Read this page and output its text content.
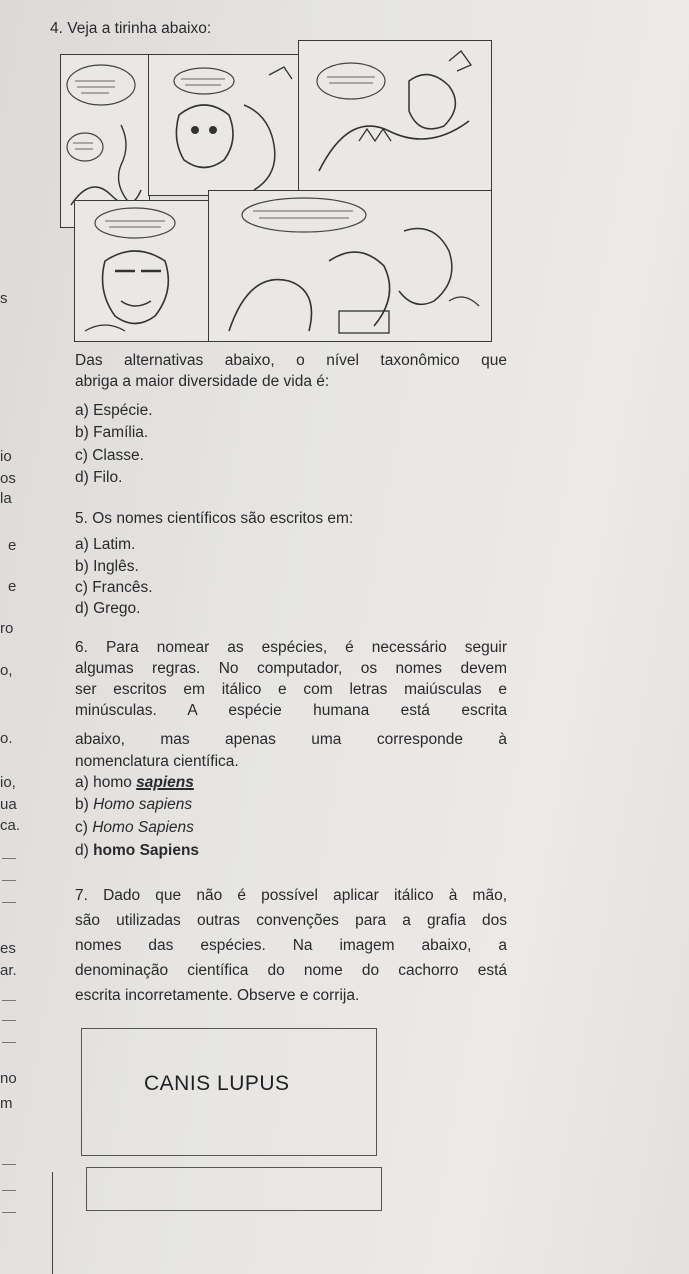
s
io
os
la
e
e
ro
o,
o.
io,
ua
ca.
es
ar.
no
m
4. Veja a tirinha abaixo:
Das alternativas abaixo, o nível taxonômico que
abriga a maior diversidade de vida é:
a) Espécie.
b) Família.
c) Classe.
d) Filo.
5. Os nomes científicos são escritos em:
a) Latim.
b) Inglês.
c) Francês.
d) Grego.
6. Para nomear as espécies, é necessário seguir
algumas regras. No computador, os nomes devem
ser escritos em itálico e com letras maiúsculas e
minúsculas. A espécie humana está escrita
abaixo, mas apenas uma corresponde à
nomenclatura científica.
a) homo sapiens
b) Homo sapiens
c) Homo Sapiens
d) homo Sapiens
7. Dado que não é possível aplicar itálico à mão,
são utilizadas outras convenções para a grafia dos
nomes das espécies. Na imagem abaixo, a
denominação científica do nome do cachorro está
escrita incorretamente. Observe e corrija.
CANIS LUPUS
